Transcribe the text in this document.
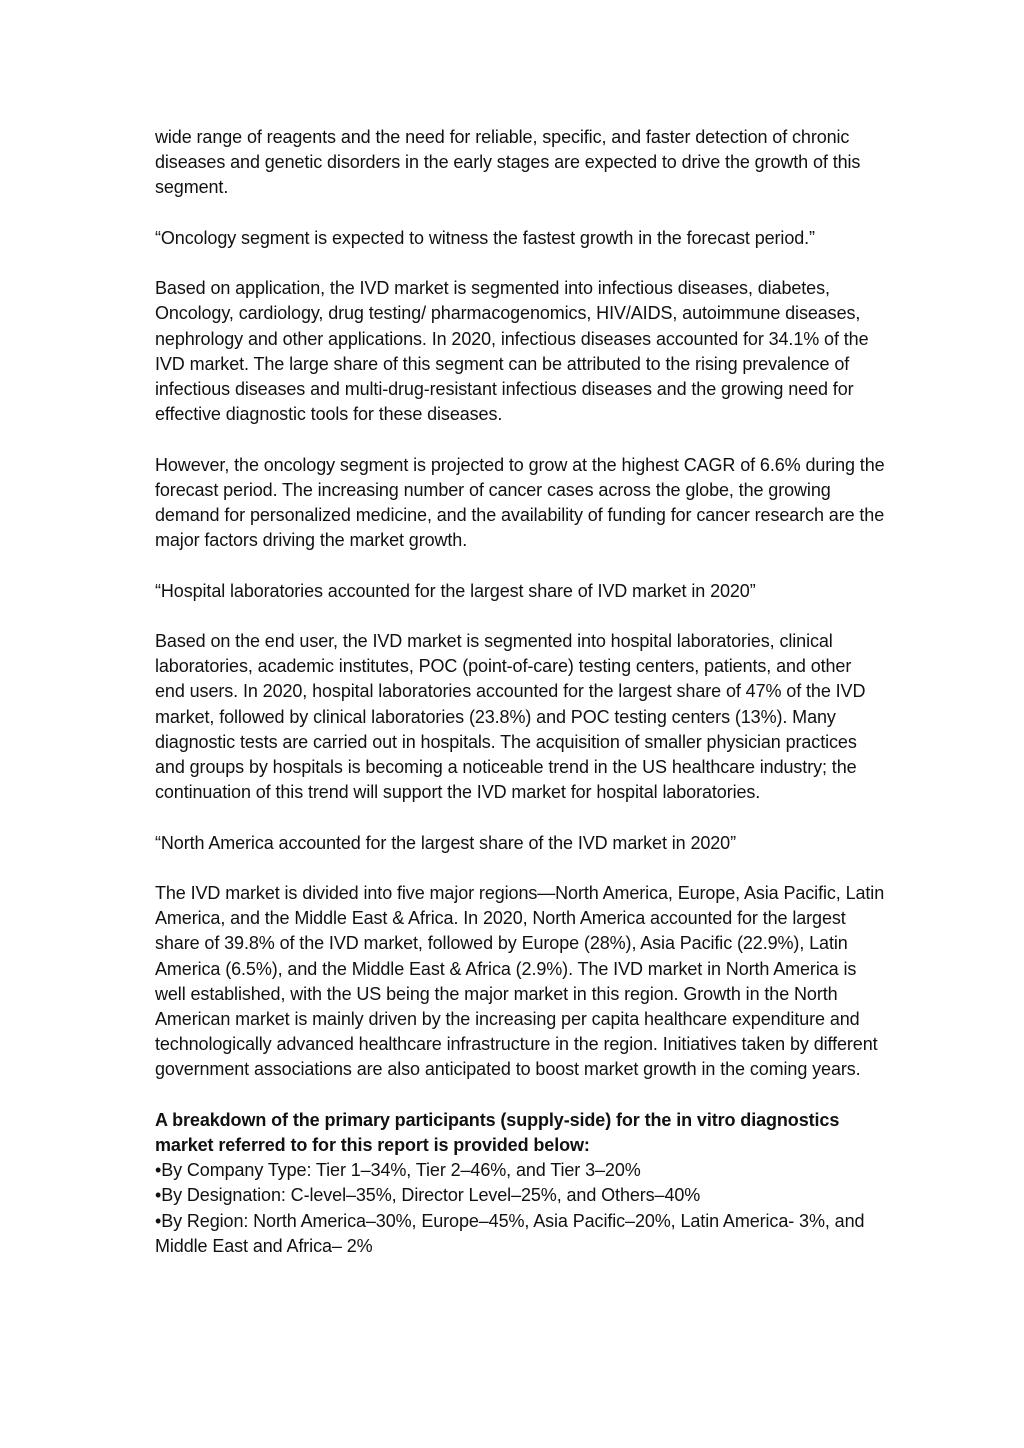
wide range of reagents and the need for reliable, specific, and faster detection of chronic diseases and genetic disorders in the early stages are expected to drive the growth of this segment.

“Oncology segment is expected to witness the fastest growth in the forecast period.”

Based on application, the IVD market is segmented into infectious diseases, diabetes, Oncology, cardiology, drug testing/ pharmacogenomics, HIV/AIDS, autoimmune diseases, nephrology and other applications. In 2020, infectious diseases accounted for 34.1% of the IVD market. The large share of this segment can be attributed to the rising prevalence of infectious diseases and multi-drug-resistant infectious diseases and the growing need for effective diagnostic tools for these diseases.

However, the oncology segment is projected to grow at the highest CAGR of 6.6% during the forecast period. The increasing number of cancer cases across the globe, the growing demand for personalized medicine, and the availability of funding for cancer research are the major factors driving the market growth.

“Hospital laboratories accounted for the largest share of IVD market in 2020”

Based on the end user, the IVD market is segmented into hospital laboratories, clinical laboratories, academic institutes, POC (point-of-care) testing centers, patients, and other end users. In 2020, hospital laboratories accounted for the largest share of 47% of the IVD market, followed by clinical laboratories (23.8%) and POC testing centers (13%). Many diagnostic tests are carried out in hospitals. The acquisition of smaller physician practices and groups by hospitals is becoming a noticeable trend in the US healthcare industry; the continuation of this trend will support the IVD market for hospital laboratories.

“North America accounted for the largest share of the IVD market in 2020”

The IVD market is divided into five major regions—North America, Europe, Asia Pacific, Latin America, and the Middle East & Africa. In 2020, North America accounted for the largest share of 39.8% of the IVD market, followed by Europe (28%), Asia Pacific (22.9%), Latin America (6.5%), and the Middle East & Africa (2.9%). The IVD market in North America is well established, with the US being the major market in this region. Growth in the North American market is mainly driven by the increasing per capita healthcare expenditure and technologically advanced healthcare infrastructure in the region. Initiatives taken by different government associations are also anticipated to boost market growth in the coming years.

A breakdown of the primary participants (supply-side) for the in vitro diagnostics market referred to for this report is provided below:

•By Company Type: Tier 1–34%, Tier 2–46%, and Tier 3–20%
•By Designation: C-level–35%, Director Level–25%, and Others–40%
•By Region: North America–30%, Europe–45%, Asia Pacific–20%, Latin America- 3%, and Middle East and Africa– 2%
